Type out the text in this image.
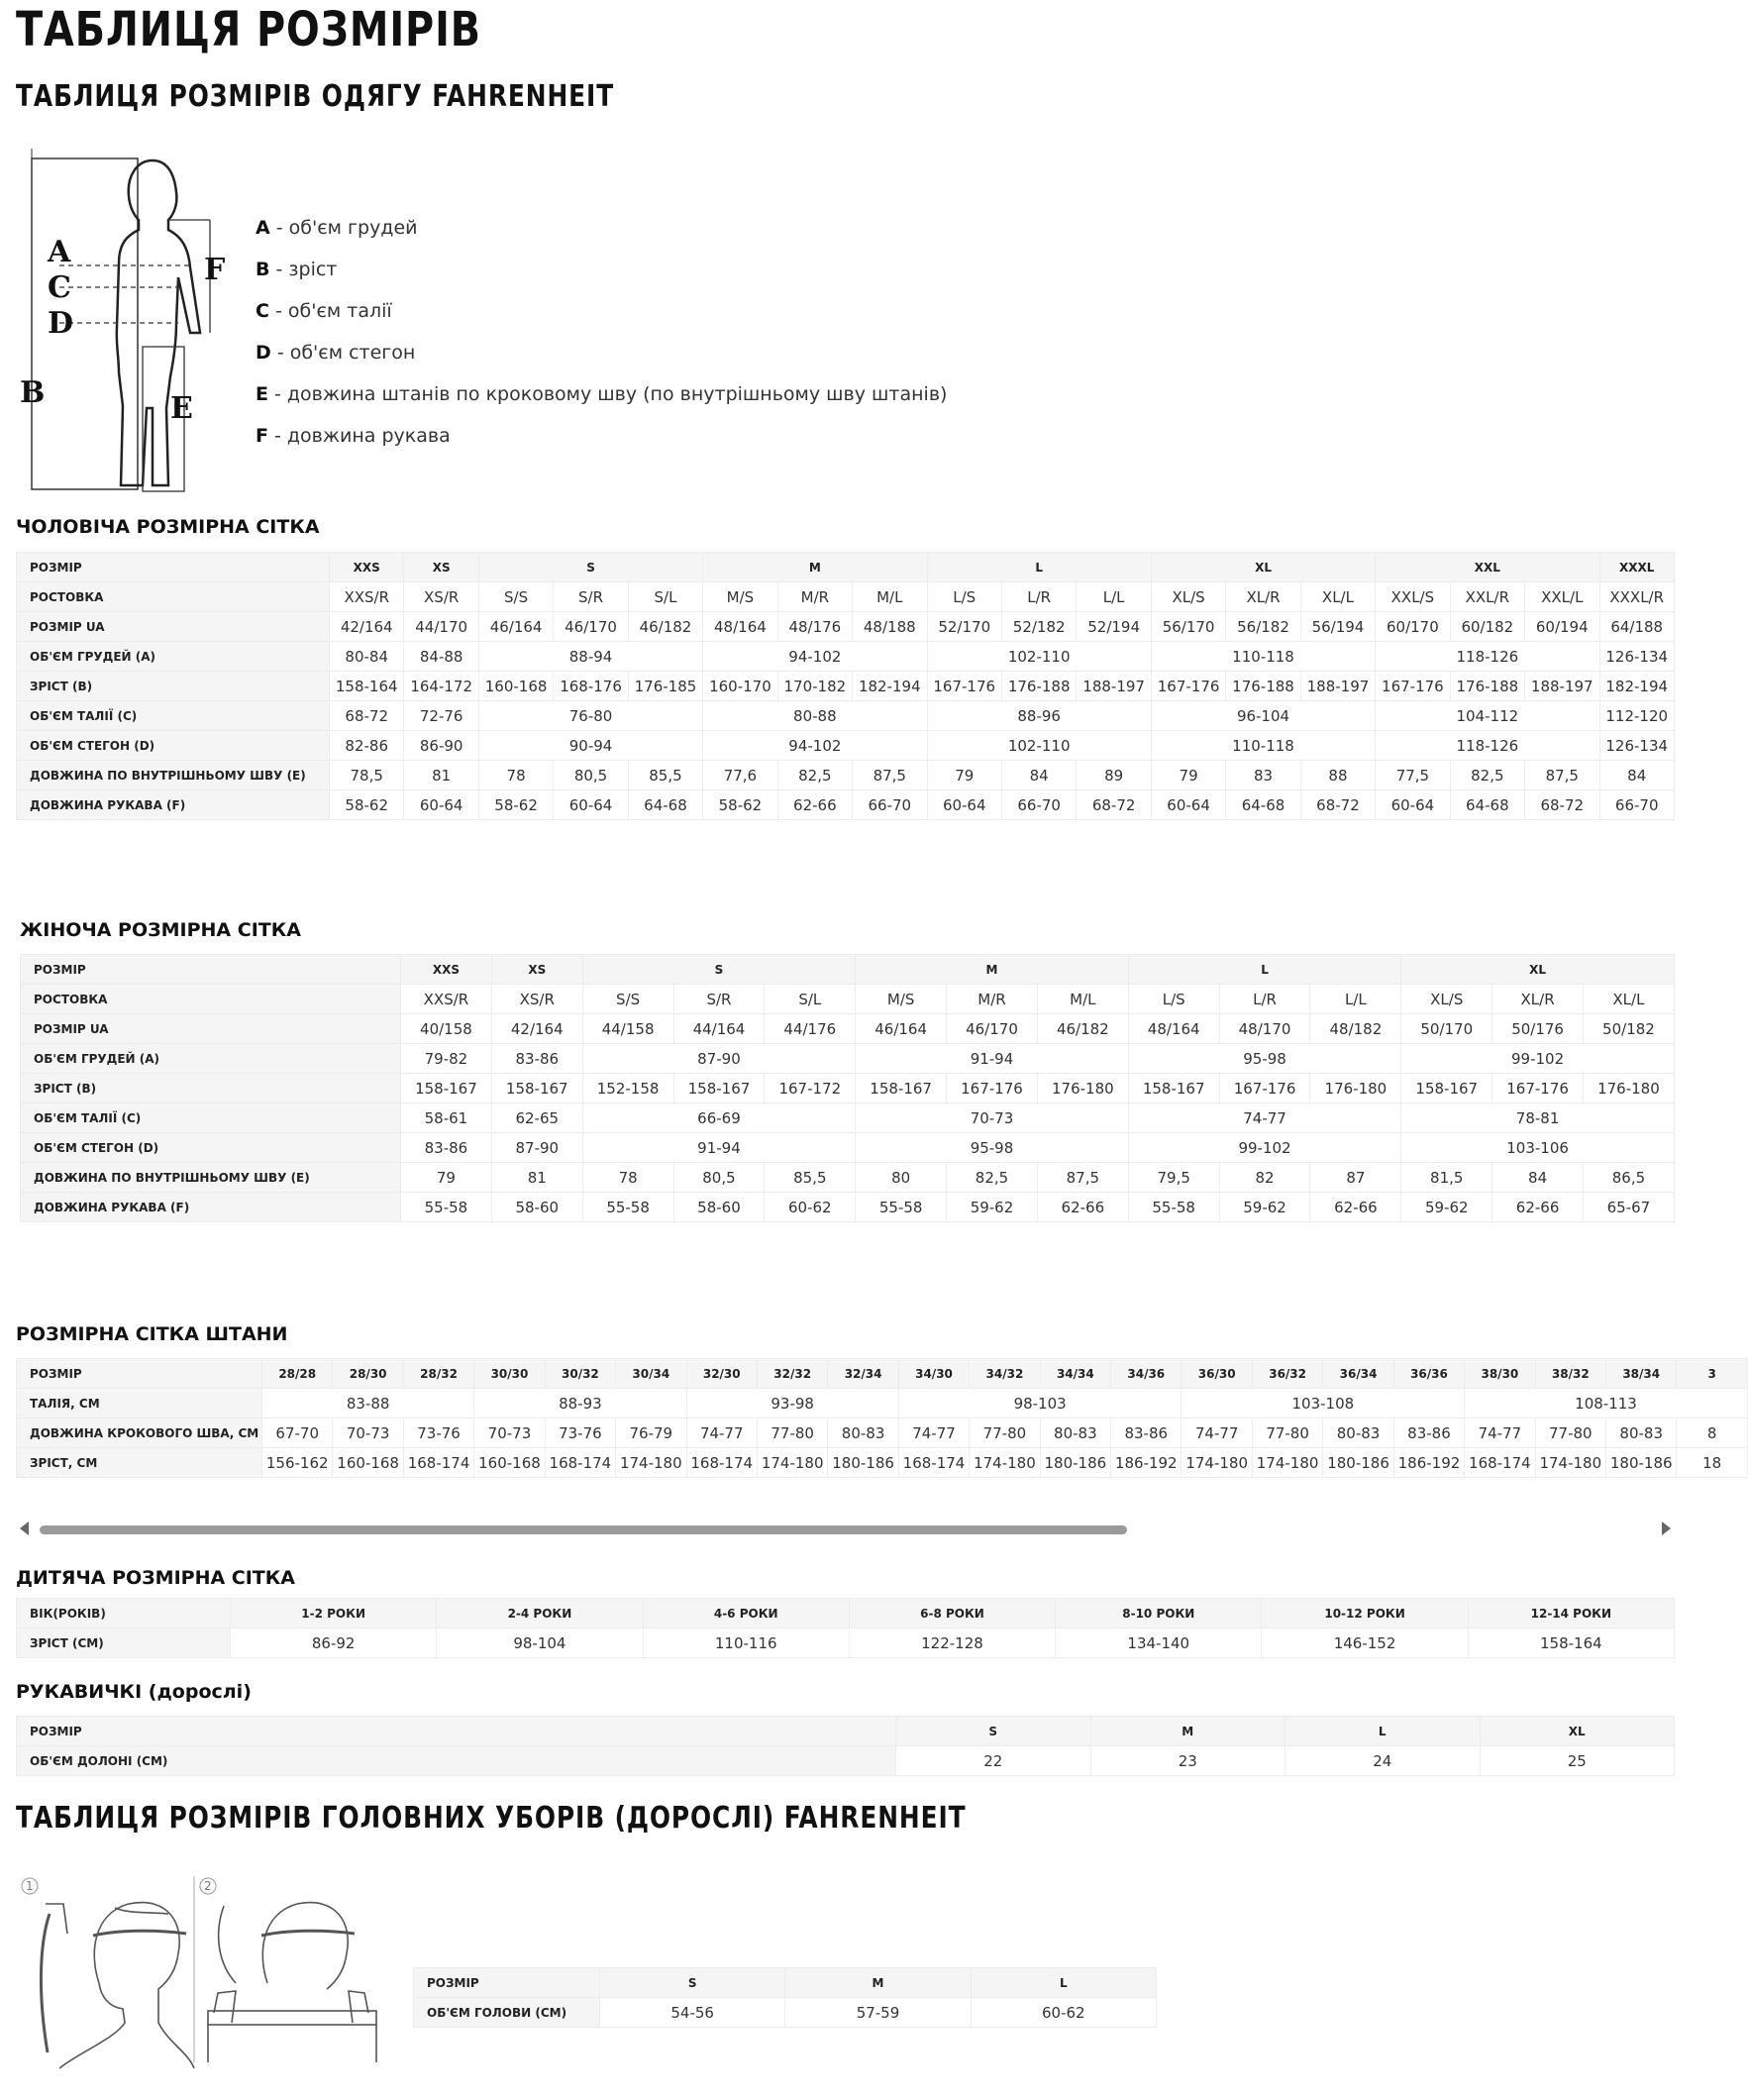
ТАБЛИЦЯ РОЗМІРІВ
ТАБЛИЦЯ РОЗМІРІВ ОДЯГУ FAHRENHEIT
A
C
D
B	E
F
A - об'єм грудей
B - зріст
C - об'єм талії
D - об'єм стегон
E - довжина штанів по кроковому шву (по внутрішньому шву штанів)
F - довжина рукава
ЧОЛОВІЧА РОЗМІРНА СІТКА
РОЗМІР	XXS	XS	S			M			L			XL			XXL			XXXL
РОСТОВКА	XXS/R	XS/R	S/S	S/R	S/L	M/S	M/R	M/L	L/S	L/R	L/L	XL/S	XL/R	XL/L	XXL/S	XXL/R	XXL/L	XXXL/R
РОЗМІР UA	42/164	44/170	46/164	46/170	46/182	48/164	48/176	48/188	52/170	52/182	52/194	56/170	56/182	56/194	60/170	60/182	60/194	64/188
ОБ'ЄМ ГРУДЕЙ (А)	80-84	84-88	88-94			94-102			102-110			110-118			118-126			126-134
ЗРІСТ (В)	158-164	164-172	160-168	168-176	176-185	160-170	170-182	182-194	167-176	176-188	188-197	167-176	176-188	188-197	167-176	176-188	188-197	182-194
ОБ'ЄМ ТАЛІЇ (С)	68-72	72-76	76-80			80-88			88-96			96-104			104-112			112-120
ОБ'ЄМ СТЕГОН (D)	82-86	86-90	90-94			94-102			102-110			110-118			118-126			126-134
ДОВЖИНА ПО ВНУТРІШНЬОМУ ШВУ (Е)	78,5	81	78	80,5	85,5	77,6	82,5	87,5	79	84	89	79	83	88	77,5	82,5	87,5	84
ДОВЖИНА РУКАВА (F)	58-62	60-64	58-62	60-64	64-68	58-62	62-66	66-70	60-64	66-70	68-72	60-64	64-68	68-72	60-64	64-68	68-72	66-70
ЖІНОЧА РОЗМІРНА СІТКА
РОЗМІР	XXS	XS	S			M			L			XL		
РОСТОВКА	XXS/R	XS/R	S/S	S/R	S/L	M/S	M/R	M/L	L/S	L/R	L/L	XL/S	XL/R	XL/L
РОЗМІР UA	40/158	42/164	44/158	44/164	44/176	46/164	46/170	46/182	48/164	48/170	48/182	50/170	50/176	50/182
ОБ'ЄМ ГРУДЕЙ (А)	79-82	83-86	87-90			91-94			95-98			99-102		
ЗРІСТ (В)	158-167	158-167	152-158	158-167	167-172	158-167	167-176	176-180	158-167	167-176	176-180	158-167	167-176	176-180
ОБ'ЄМ ТАЛІЇ (С)	58-61	62-65	66-69			70-73			74-77			78-81		
ОБ'ЄМ СТЕГОН (D)	83-86	87-90	91-94			95-98			99-102			103-106		
ДОВЖИНА ПО ВНУТРІШНЬОМУ ШВУ (Е)	79	81	78	80,5	85,5	80	82,5	87,5	79,5	82	87	81,5	84	86,5
ДОВЖИНА РУКАВА (F)	55-58	58-60	55-58	58-60	60-62	55-58	59-62	62-66	55-58	59-62	62-66	59-62	62-66	65-67
РОЗМІРНА СІТКА ШТАНИ
РОЗМІР	28/28	28/30	28/32	30/30	30/32	30/34	32/30	32/32	32/34	34/30	34/32	34/34	34/36	36/30	36/32	36/34	36/36	38/30	38/32	38/34	3
ТАЛІЯ, СМ	83-88			88-93			93-98			98-103				103-108				108-113			
ДОВЖИНА КРОКОВОГО ШВА, СМ	67-70	70-73	73-76	70-73	73-76	76-79	74-77	77-80	80-83	74-77	77-80	80-83	83-86	74-77	77-80	80-83	83-86	74-77	77-80	80-83	8
ЗРІСТ, СМ	156-162	160-168	168-174	160-168	168-174	174-180	168-174	174-180	180-186	168-174	174-180	180-186	186-192	174-180	174-180	180-186	186-192	168-174	174-180	180-186	18
ДИТЯЧА РОЗМІРНА СІТКА
ВІК(РОКІВ)	1-2 РОКИ	2-4 РОКИ	4-6 РОКИ	6-8 РОКИ	8-10 РОКИ	10-12 РОКИ	12-14 РОКИ
ЗРІСТ (СМ)	86-92	98-104	110-116	122-128	134-140	146-152	158-164
РУКАВИЧКІ (дорослі)
РОЗМІР	S	M	L	XL
ОБ'ЄМ ДОЛОНІ (СМ)	22	23	24	25
ТАБЛИЦЯ РОЗМІРІВ ГОЛОВНИХ УБОРІВ (ДОРОСЛІ) FAHRENHEIT
1	2
РОЗМІР	S	M	L
ОБ'ЄМ ГОЛОВИ (СМ)	54-56	57-59	60-62
